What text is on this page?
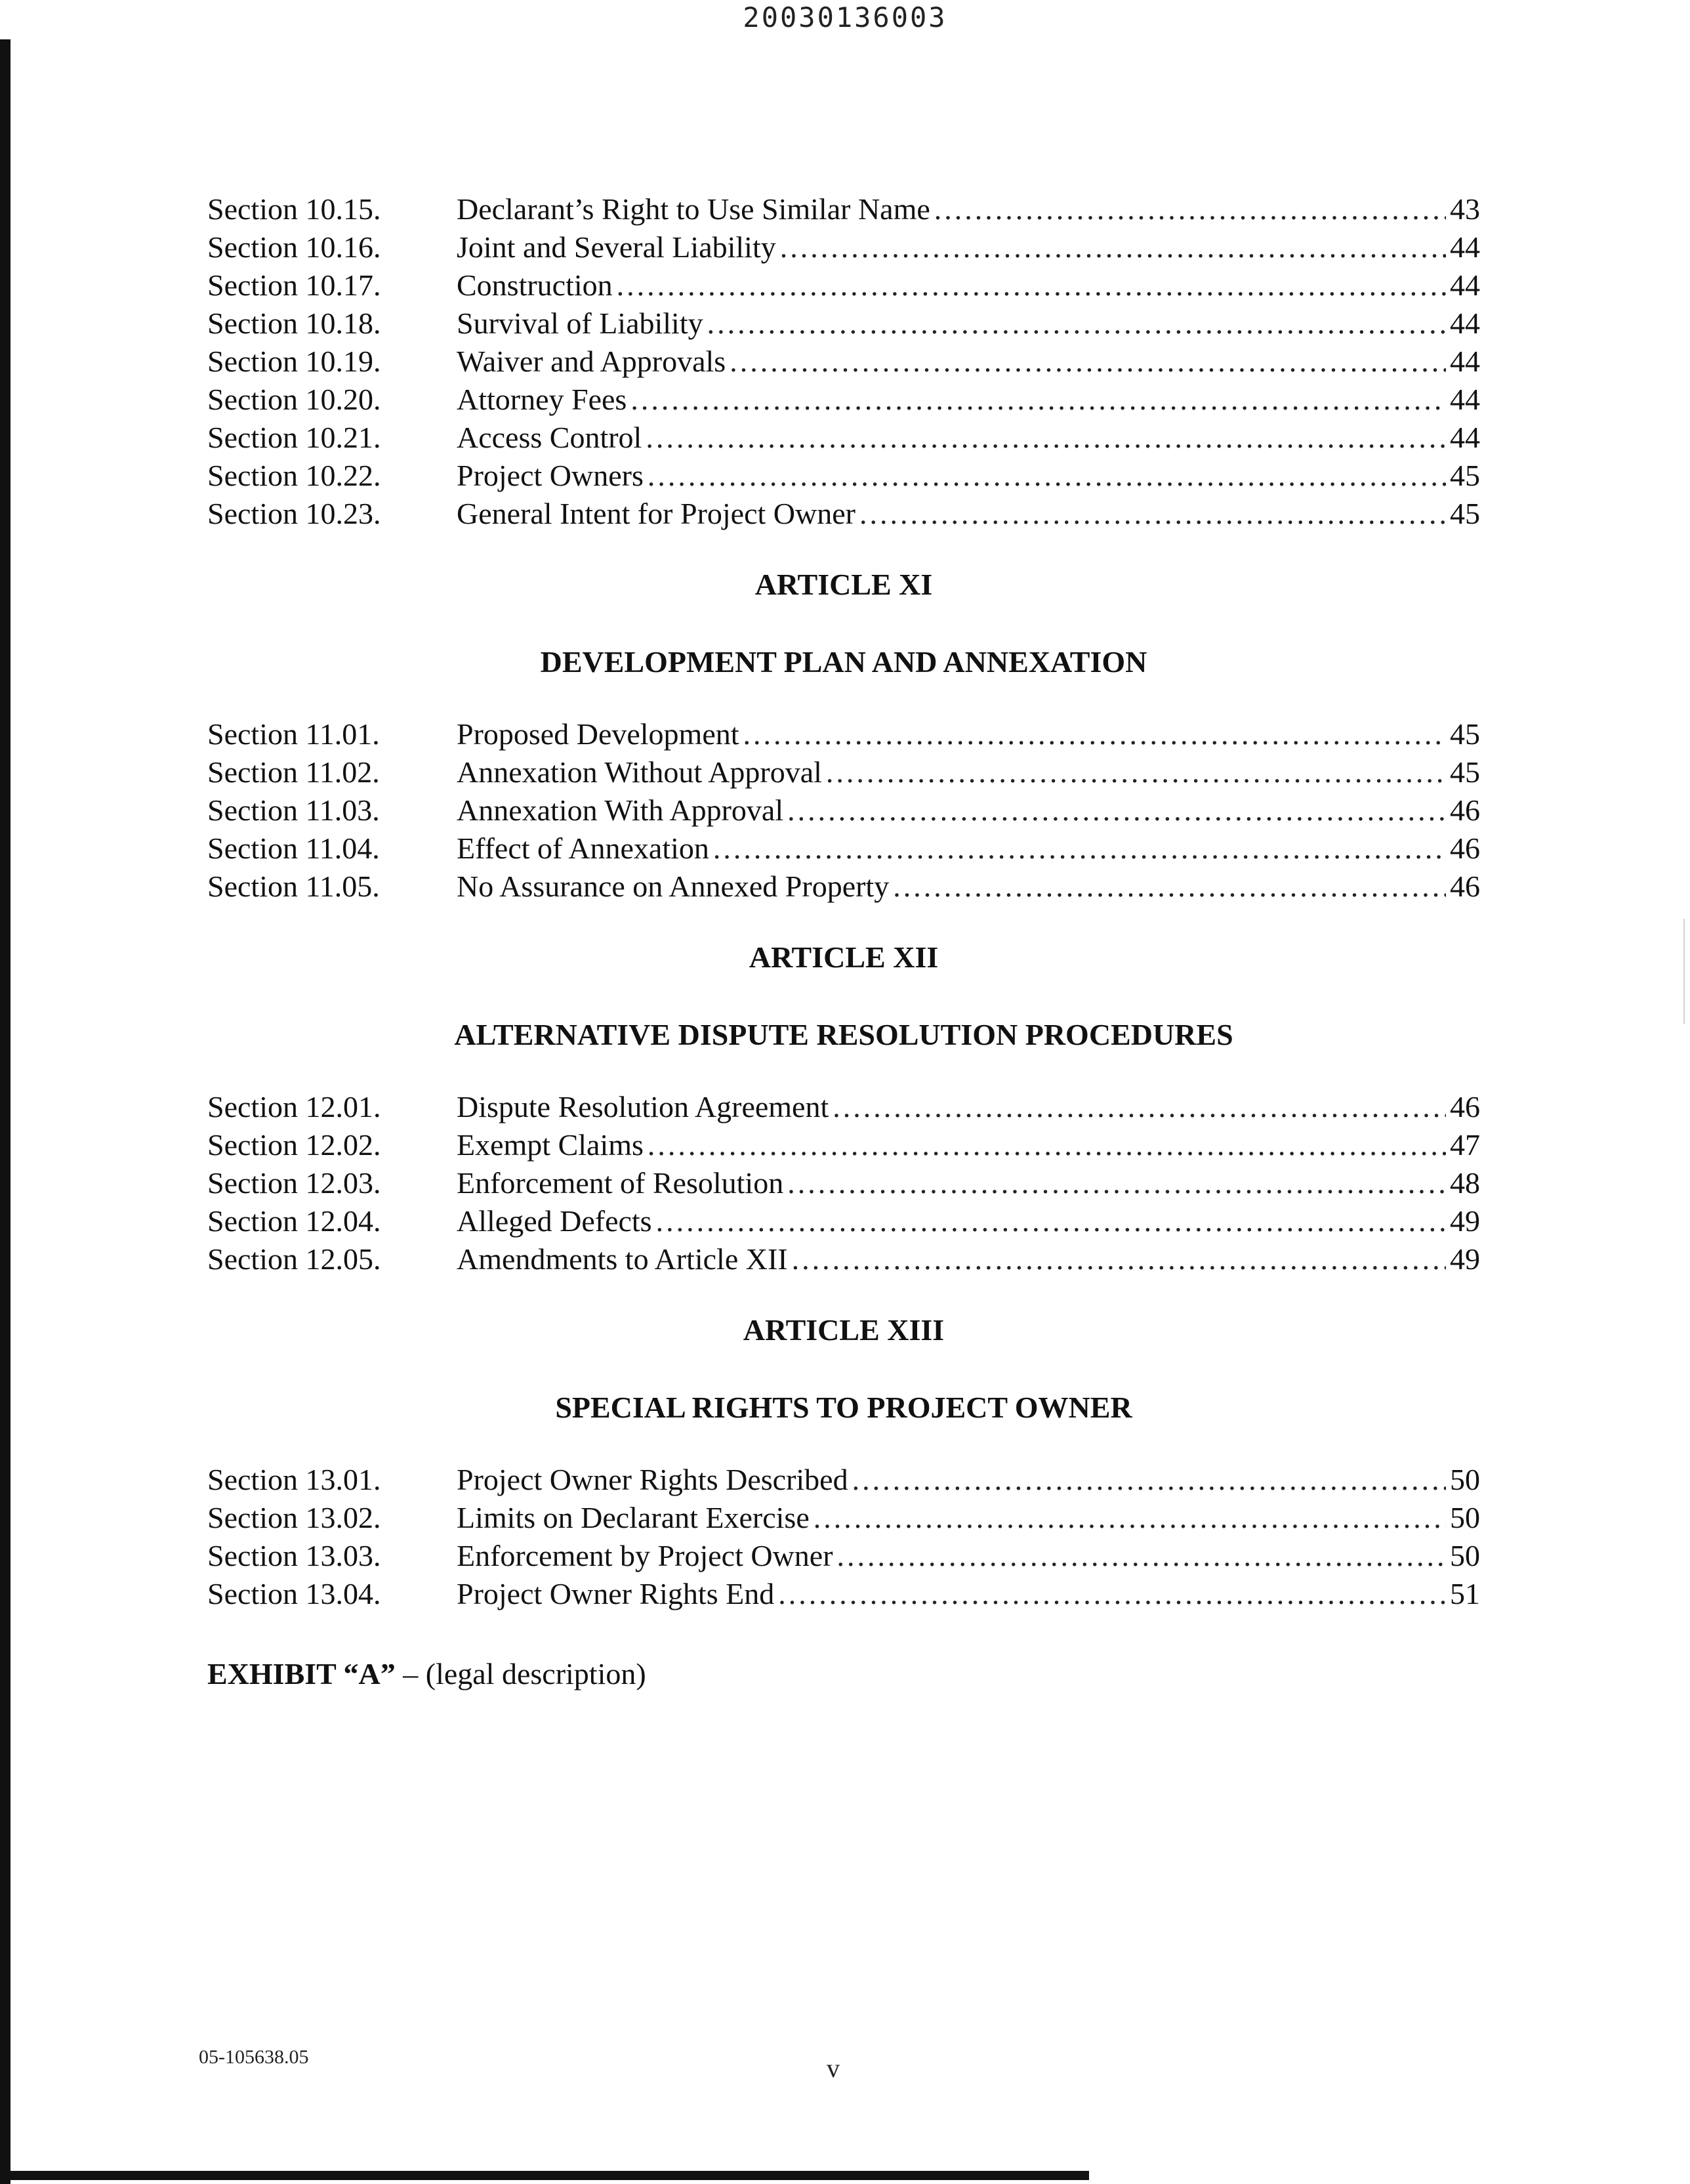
20030136003
Section 10.15.	Declarant’s Right to Use Similar Name .....	43
Section 10.16.	Joint and Several Liability .....	44
Section 10.17.	Construction .....	44
Section 10.18.	Survival of Liability .....	44
Section 10.19.	Waiver and Approvals .....	44
Section 10.20.	Attorney Fees .....	44
Section 10.21.	Access Control .....	44
Section 10.22.	Project Owners .....	45
Section 10.23.	General Intent for Project Owner .....	45
ARTICLE XI
DEVELOPMENT PLAN AND ANNEXATION
Section 11.01.	Proposed Development .....	45
Section 11.02.	Annexation Without Approval .....	45
Section 11.03.	Annexation With Approval .....	46
Section 11.04.	Effect of Annexation .....	46
Section 11.05.	No Assurance on Annexed Property .....	46
ARTICLE XII
ALTERNATIVE DISPUTE RESOLUTION PROCEDURES
Section 12.01.	Dispute Resolution Agreement .....	46
Section 12.02.	Exempt Claims .....	47
Section 12.03.	Enforcement of Resolution .....	48
Section 12.04.	Alleged Defects .....	49
Section 12.05.	Amendments to Article XII .....	49
ARTICLE XIII
SPECIAL RIGHTS TO PROJECT OWNER
Section 13.01.	Project Owner Rights Described .....	50
Section 13.02.	Limits on Declarant Exercise .....	50
Section 13.03.	Enforcement by Project Owner .....	50
Section 13.04.	Project Owner Rights End .....	51
EXHIBIT “A” – (legal description)
05-105638.05	v
